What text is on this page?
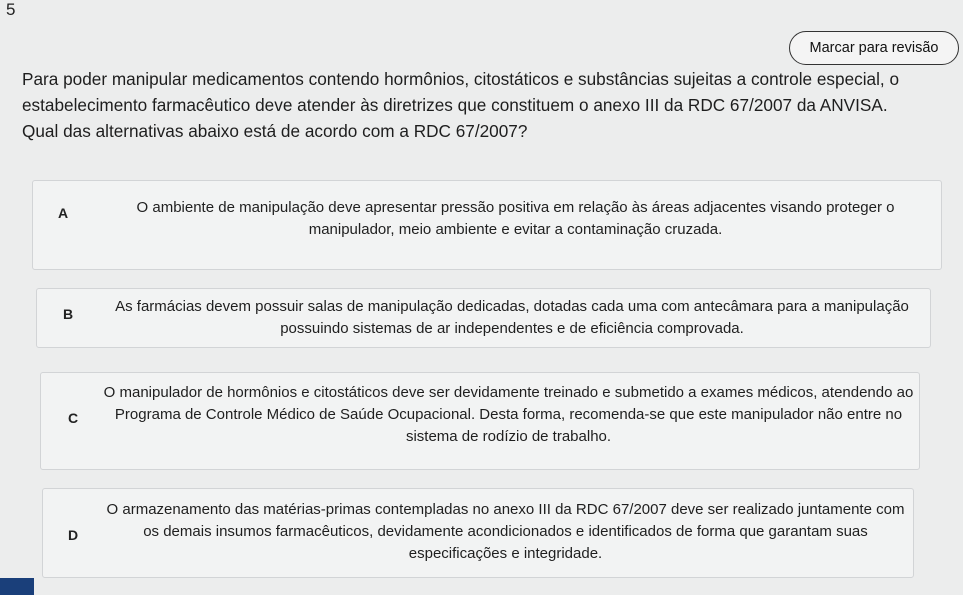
5
Marcar para revisão

Para poder manipular medicamentos contendo hormônios, citostáticos e substâncias sujeitas a controle especial, o estabelecimento farmacêutico deve atender às diretrizes que constituem o anexo III da RDC 67/2007 da ANVISA. Qual das alternativas abaixo está de acordo com a RDC 67/2007?

A	O ambiente de manipulação deve apresentar pressão positiva em relação às áreas adjacentes visando proteger o manipulador, meio ambiente e evitar a contaminação cruzada.
B	As farmácias devem possuir salas de manipulação dedicadas, dotadas cada uma com antecâmara para a manipulação possuindo sistemas de ar independentes e de eficiência comprovada.
C
O manipulador de hormônios e citostáticos deve ser devidamente treinado e submetido a exames médicos, atendendo ao Programa de Controle Médico de Saúde Ocupacional. Desta forma, recomenda-se que este manipulador não entre no sistema de rodízio de trabalho.
D
O armazenamento das matérias-primas contempladas no anexo III da RDC 67/2007 deve ser realizado juntamente com os demais insumos farmacêuticos, devidamente acondicionados e identificados de forma que garantam suas especificações e integridade.
